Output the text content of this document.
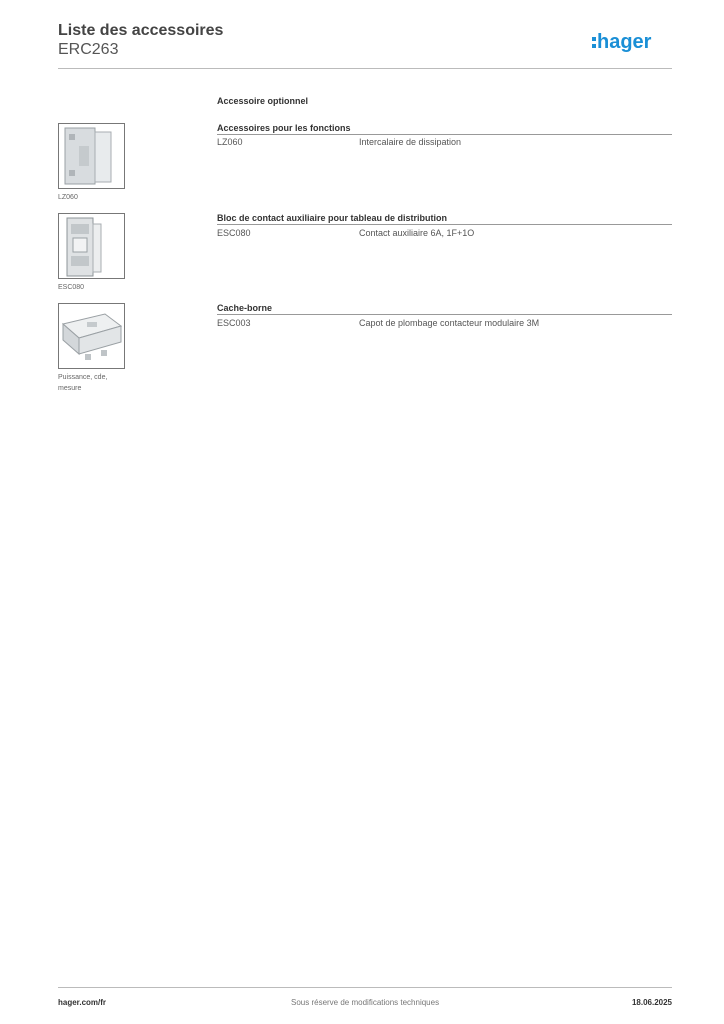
Liste des accessoires
ERC263	hager
Accessoire optionnel
Accessoires pour les fonctions
LZ060	Intercalaire de dissipation
LZ060
Bloc de contact auxiliaire pour tableau de distribution
ESC080	Contact auxiliaire 6A, 1F+1O
ESC080
Cache-borne
ESC003	Capot de plombage contacteur modulaire 3M
Puissance, cde,
mesure
hager.com/fr	Sous réserve de modifications techniques	18.06.2025
